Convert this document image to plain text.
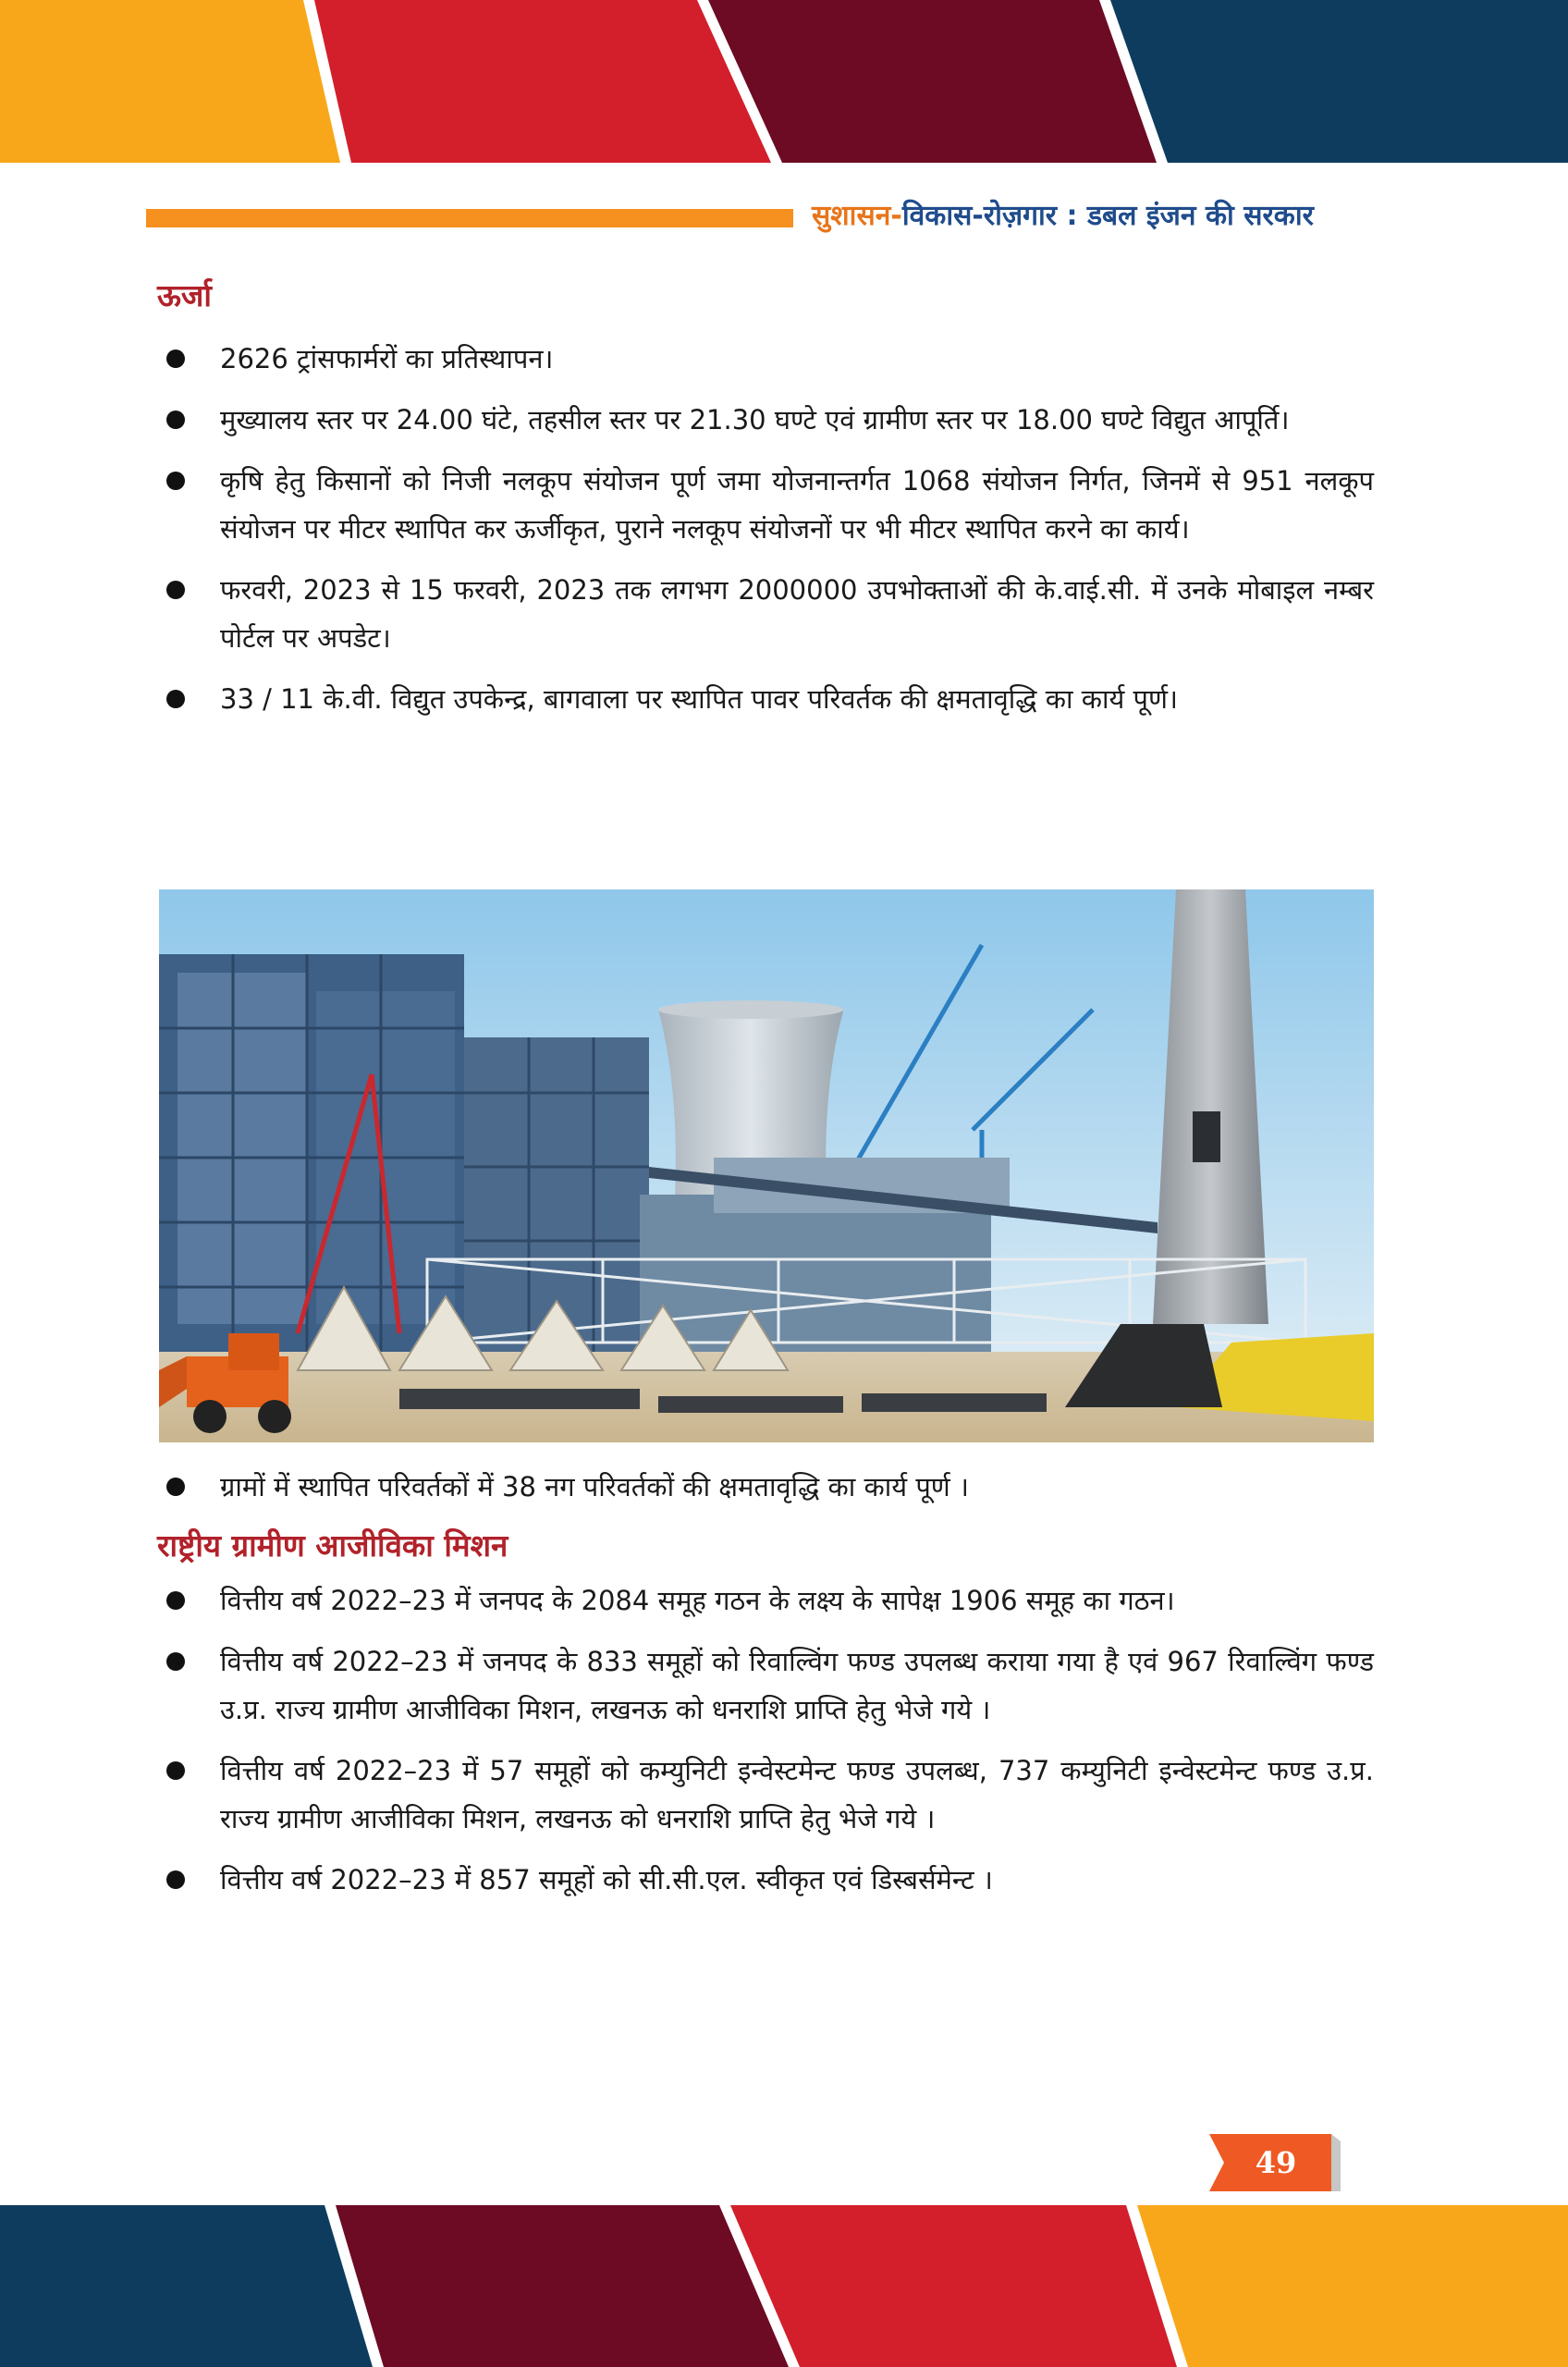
सुशासन-विकास-रोज़गार : डबल इंजन की सरकार
ऊर्जा
2626 ट्रांसफार्मरों का प्रतिस्थापन।
मुख्यालय स्तर पर 24.00 घंटे, तहसील स्तर पर 21.30 घण्टे एवं ग्रामीण स्तर पर 18.00 घण्टे विद्युत आपूर्ति।
कृषि हेतु किसानों को निजी नलकूप संयोजन पूर्ण जमा योजनान्तर्गत 1068 संयोजन निर्गत, जिनमें से 951 नलकूप संयोजन पर मीटर स्थापित कर ऊर्जीकृत, पुराने नलकूप संयोजनों पर भी मीटर स्थापित करने का कार्य।
फरवरी, 2023 से 15 फरवरी, 2023 तक लगभग 2000000 उपभोक्ताओं की के.वाई.सी. में उनके मोबाइल नम्बर पोर्टल पर अपडेट।
33 / 11 के.वी. विद्युत उपकेन्द्र, बागवाला पर स्थापित पावर परिवर्तक की क्षमतावृद्धि का कार्य पूर्ण।
ग्रामों में स्थापित परिवर्तकों में 38 नग परिवर्तकों की क्षमतावृद्धि का कार्य पूर्ण ।
राष्ट्रीय ग्रामीण आजीविका मिशन
वित्तीय वर्ष 2022–23 में जनपद के 2084 समूह गठन के लक्ष्य के सापेक्ष 1906 समूह का गठन।
वित्तीय वर्ष 2022–23 में जनपद के 833 समूहों को रिवाल्विंग फण्ड उपलब्ध कराया गया है एवं 967 रिवाल्विंग फण्ड उ.प्र. राज्य ग्रामीण आजीविका मिशन, लखनऊ को धनराशि प्राप्ति हेतु भेजे गये ।
वित्तीय वर्ष 2022–23 में 57 समूहों को कम्युनिटी इन्वेस्टमेन्ट फण्ड उपलब्ध, 737 कम्युनिटी इन्वेस्टमेन्ट फण्ड उ.प्र. राज्य ग्रामीण आजीविका मिशन, लखनऊ को धनराशि प्राप्ति हेतु भेजे गये ।
वित्तीय वर्ष 2022–23 में 857 समूहों को सी.सी.एल. स्वीकृत एवं डिस्बर्समेन्ट ।
49
